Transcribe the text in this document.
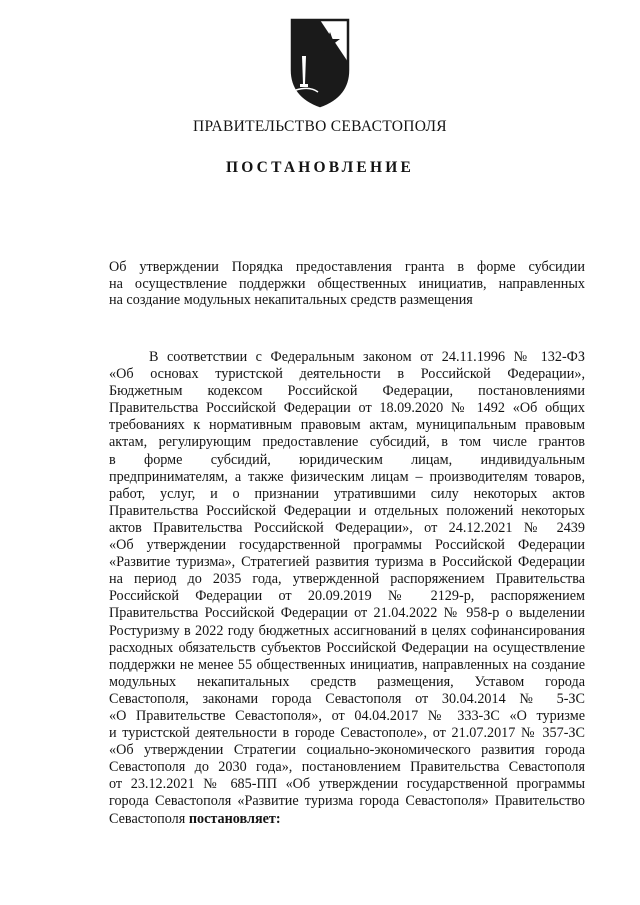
ПРАВИТЕЛЬСТВО СЕВАСТОПОЛЯ
ПОСТАНОВЛЕНИЕ
Об утверждении Порядка предоставления гранта в форме субсидии
на осуществление поддержки общественных инициатив, направленных
на создание модульных некапитальных средств размещения
В соответствии с Федеральным законом от 24.11.1996 № 132-ФЗ
«Об основах туристской деятельности в Российской Федерации»,
Бюджетным кодексом Российской Федерации, постановлениями
Правительства Российской Федерации от 18.09.2020 № 1492 «Об общих
требованиях к нормативным правовым актам, муниципальным правовым
актам, регулирующим предоставление субсидий, в том числе грантов
в форме субсидий, юридическим лицам, индивидуальным
предпринимателям, а также физическим лицам – производителям товаров,
работ, услуг, и о признании утратившими силу некоторых актов
Правительства Российской Федерации и отдельных положений некоторых
актов Правительства Российской Федерации», от 24.12.2021 № 2439
«Об утверждении государственной программы Российской Федерации
«Развитие туризма», Стратегией развития туризма в Российской Федерации
на период до 2035 года, утвержденной распоряжением Правительства
Российской Федерации от 20.09.2019 № 2129-р, распоряжением
Правительства Российской Федерации от 21.04.2022 № 958-р о выделении
Ростуризму в 2022 году бюджетных ассигнований в целях софинансирования
расходных обязательств субъектов Российской Федерации на осуществление
поддержки не менее 55 общественных инициатив, направленных на создание
модульных некапитальных средств размещения, Уставом города
Севастополя, законами города Севастополя от 30.04.2014 № 5-ЗС
«О Правительстве Севастополя», от 04.04.2017 № 333-ЗС «О туризме
и туристской деятельности в городе Севастополе», от 21.07.2017 № 357-ЗС
«Об утверждении Стратегии социально-экономического развития города
Севастополя до 2030 года», постановлением Правительства Севастополя
от 23.12.2021 № 685-ПП «Об утверждении государственной программы
города Севастополя «Развитие туризма города Севастополя» Правительство
Севастополя постановляет:
